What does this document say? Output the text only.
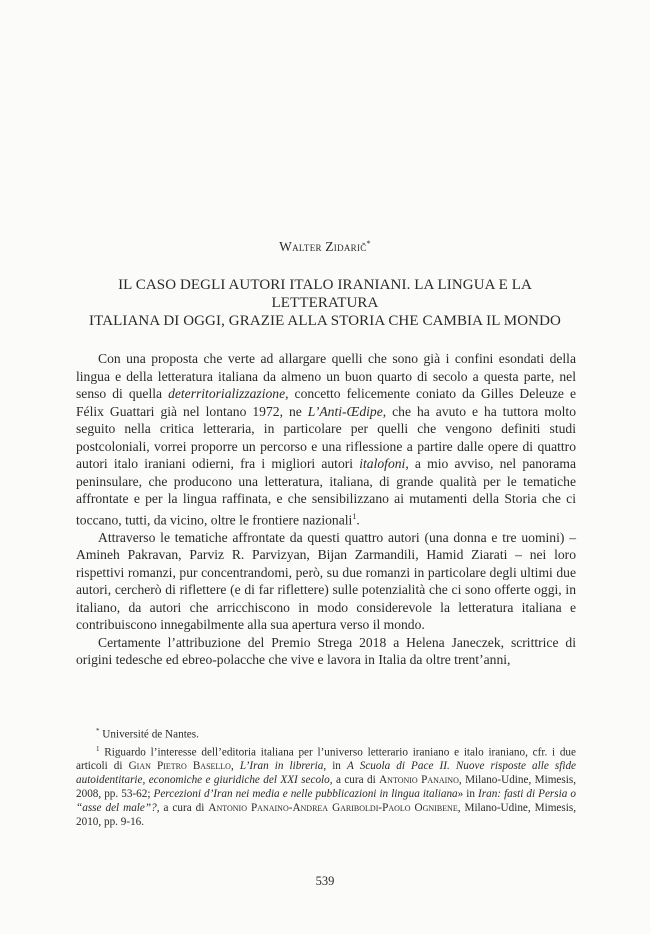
Walter Zidarič*
IL CASO DEGLI AUTORI ITALO IRANIANI. LA LINGUA E LA LETTERATURA
ITALIANA DI OGGI, GRAZIE ALLA STORIA CHE CAMBIA IL MONDO

Con una proposta che verte ad allargare quelli che sono già i confini esondati della lingua e della letteratura italiana da almeno un buon quarto di secolo a questa parte, nel senso di quella deterritorializzazione, concetto felicemente coniato da Gilles Deleuze e Félix Guattari già nel lontano 1972, ne L’Anti-Œdipe, che ha avuto e ha tuttora molto seguito nella critica letteraria, in particolare per quelli che vengono definiti studi postcoloniali, vorrei proporre un percorso e una riflessione a partire dalle opere di quattro autori italo iraniani odierni, fra i migliori autori italofoni, a mio avviso, nel panorama peninsulare, che producono una letteratura, italiana, di grande qualità per le tematiche affrontate e per la lingua raffinata, e che sensibilizzano ai mutamenti della Storia che ci toccano, tutti, da vicino, oltre le frontiere nazionali$^1$.

Attraverso le tematiche affrontate da questi quattro autori (una donna e tre uomini) – Amineh Pakravan, Parviz R. Parvizyan, Bijan Zarmandili, Hamid Ziarati – nei loro rispettivi romanzi, pur concentrandomi, però, su due romanzi in particolare degli ultimi due autori, cercherò di riflettere (e di far riflettere) sulle potenzialità che ci sono offerte oggi, in italiano, da autori che arricchiscono in modo considerevole la letteratura italiana e contribuiscono innegabilmente alla sua apertura verso il mondo.

Certamente l’attribuzione del Premio Strega 2018 a Helena Janeczek, scrittrice di origini tedesche ed ebreo-polacche che vive e lavora in Italia da oltre trent’anni,

* Université de Nantes.

$^1$ Riguardo l’interesse dell’editoria italiana per l’universo letterario iraniano e italo iraniano, cfr. i due articoli di Gian Pietro Basello, L’Iran in libreria, in A Scuola di Pace II. Nuove risposte alle sfide autoidentitarie, economiche e giuridiche del XXI secolo, a cura di Antonio Panaino, Milano-Udine, Mimesis, 2008, pp. 53-62; Percezioni d’Iran nei media e nelle pubblicazioni in lingua italiana» in Iran: fasti di Persia o “asse del male”?, a cura di Antonio Panaino-Andrea Gariboldi-Paolo Ognibene, Milano-Udine, Mimesis, 2010, pp. 9-16.

539
